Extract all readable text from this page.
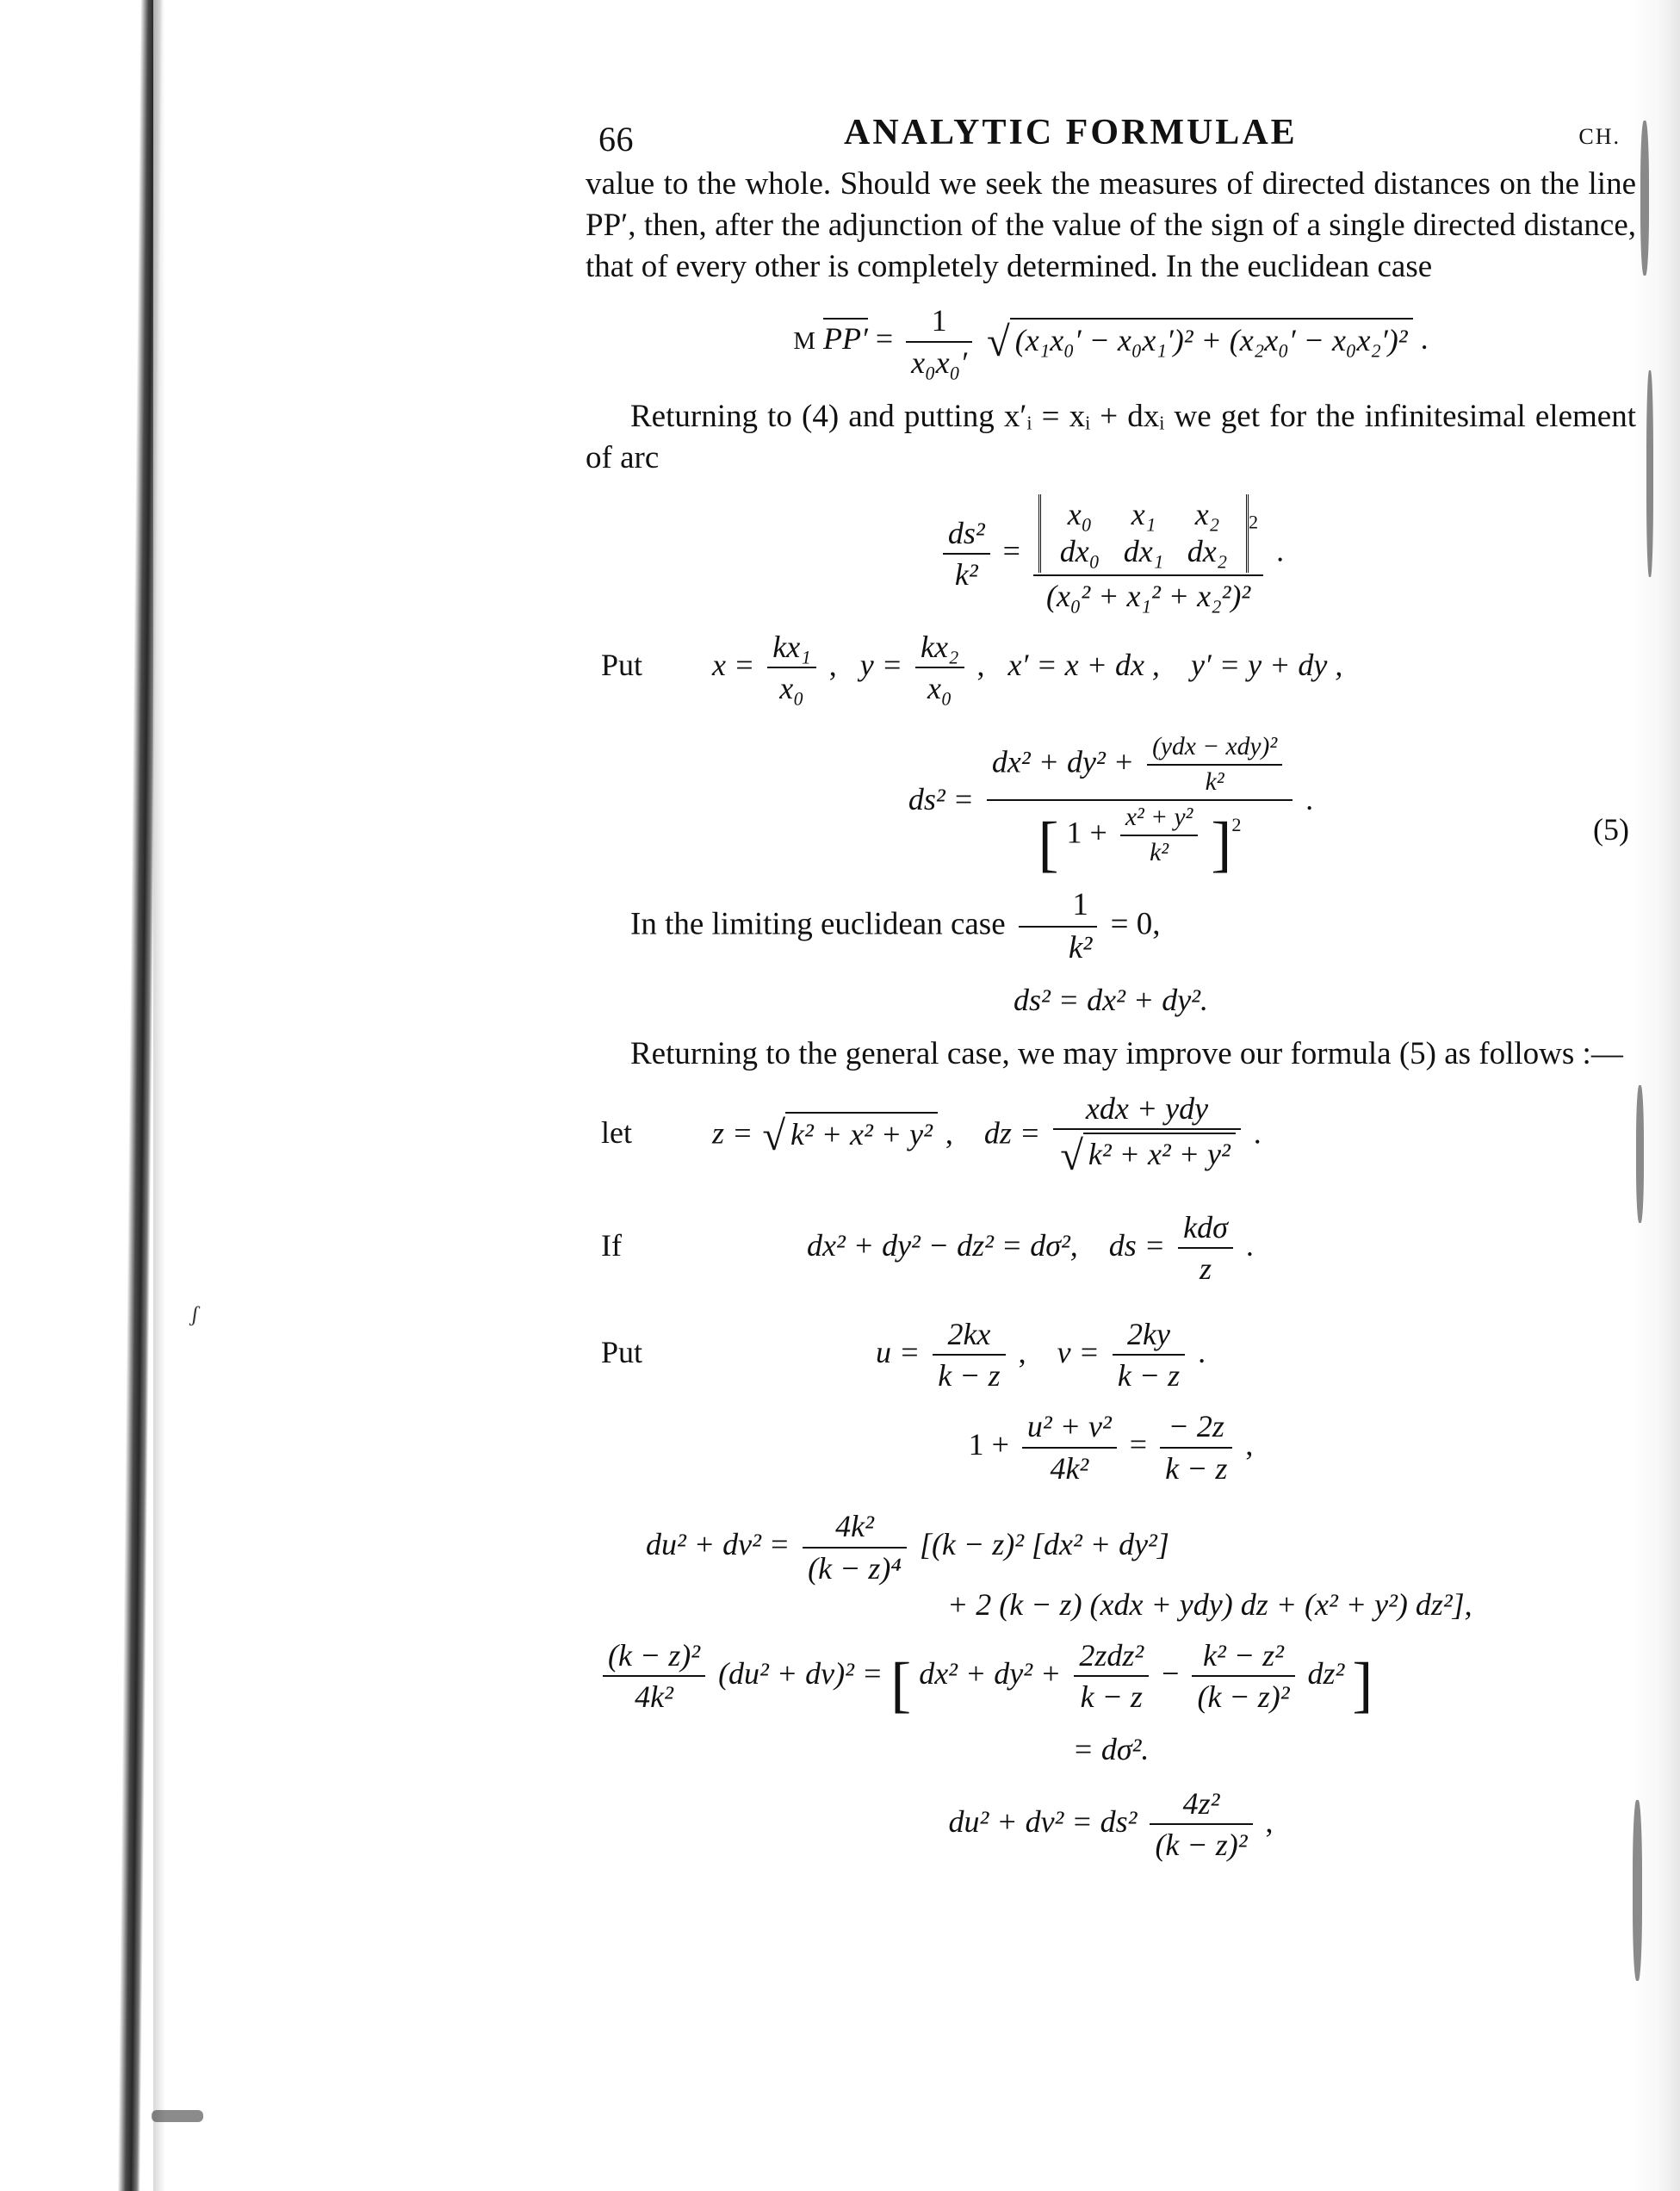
ʃ
66	ANALYTIC FORMULAE	CH.

value to the whole. Should we seek the measures of directed distances on the line PP′, then, after the adjunction of the value of the sign of a single directed distance, that of every other is completely determined. In the euclidean case

M $PP' = \frac{1}{\text{x₀x₀′}}$ √ (x₁x₀′ − x₀x₁′)² + (x₂x₀′ − x₀x₂′)² .

Returning to (4) and putting x′ᵢ = xᵢ + dxᵢ we get for the infinitesimal element of arc

$\frac{\text{ds²}}{\text{k²}}$ =
x₀ x₁ x₂
dx₀ dx₁ dx₂
$^2$
(x₀² + x₁² + x₂²)²
.
Put $x = \frac{\text{kx₁}}{\text{x₀}}$ ,   $y = \frac{\text{kx₂}}{\text{x₀}}$ ,   x′ = x + dx , y′ = y + dy ,
ds² =
$dx^2 + dy^2 + \frac{\text{(ydx − xdy)²}}{\text{k²}}$
[ $1 + \frac{\text{x² + y²}}{\text{k²}} ]^2$
.
(5)

In the limiting euclidean case $\frac{1}{\text{k²}} = 0$,

ds² = dx² + dy².

Returning to the general case, we may improve our formula (5) as follows :—

let	z = √ k² + x² + y² , dz = $\frac{\text{xdx + ydy}}{\text{√ k² + x² + y²}}$ .
If	dx² + dy² − dz² = dσ², ds = $\frac{\text{kdσ}}{z}$ .
Put	$u = \frac{2kx}{k - z}$ , $v = \frac{2ky}{k - z}$ .
$1 + \frac{\text{u² + v²}}{\text{4k²}} = \frac{- 2z}{k - z}$ ,
$du^2 + dv^2 = \frac{\text{4k²}}{\text{(k − z)⁴}} [(k - z)^2$ [dx² + dy²]
+ 2 (k − z) (xdx + ydy) dz + (x² + y²) dz²],
$\frac{\text{(k − z)²}}{\text{4k²}} (du^2 + dv)^2$ = [ $dx^2 + dy^2 + \frac{\text{2zdz²}}{k - z} - \frac{\text{k² − z²}}{\text{(k − z)²}} dz^2$ ]
= dσ².
$du^2 + dv^2 = ds^2 \frac{\text{4z²}}{\text{(k − z)²}}$ ,
